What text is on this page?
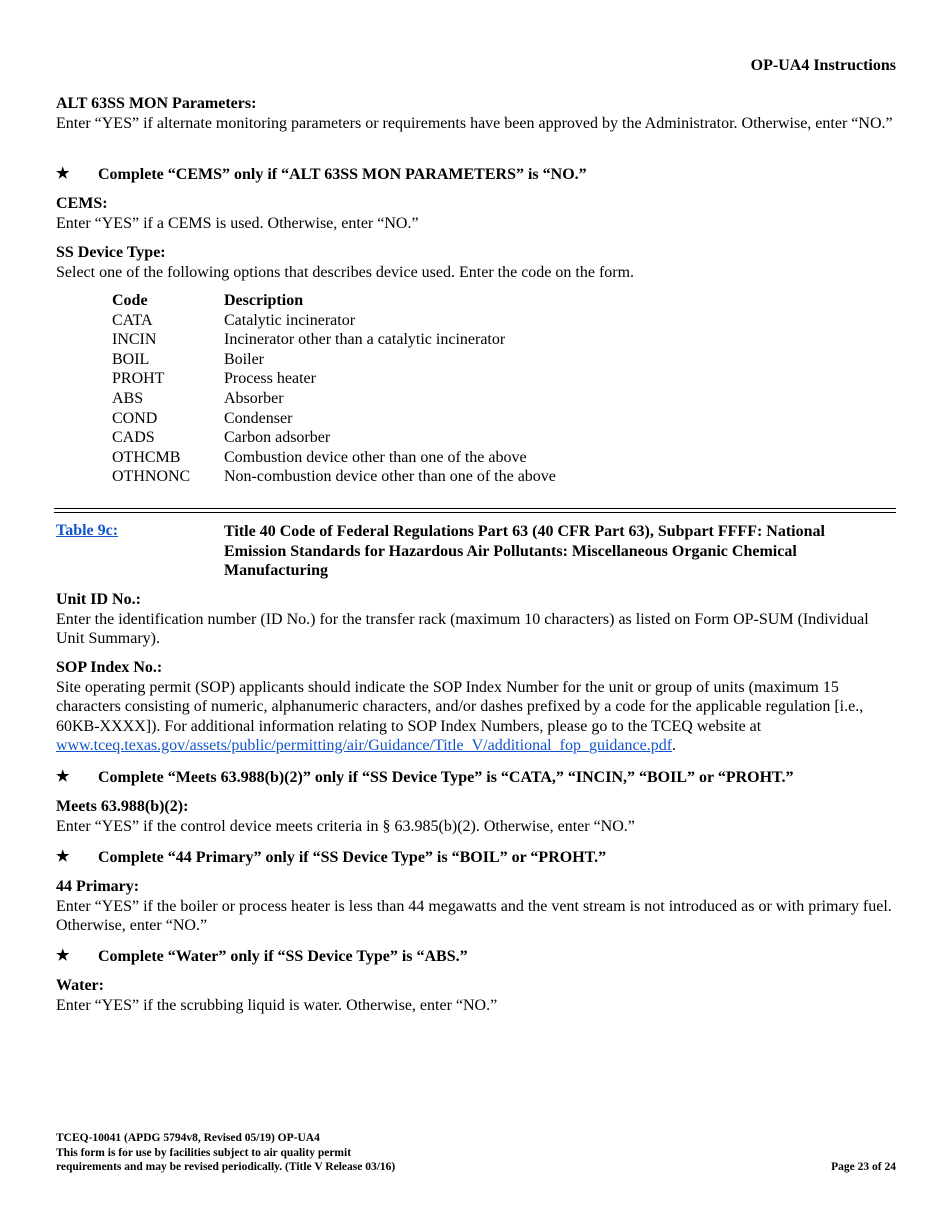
OP-UA4 Instructions
ALT 63SS MON Parameters:
Enter “YES” if alternate monitoring parameters or requirements have been approved by the Administrator. Otherwise, enter “NO.”
★ Complete “CEMS” only if “ALT 63SS MON PARAMETERS” is “NO.”
CEMS:
Enter “YES” if a CEMS is used. Otherwise, enter “NO.”
SS Device Type:
Select one of the following options that describes device used. Enter the code on the form.
Code	Description
CATA	Catalytic incinerator
INCIN	Incinerator other than a catalytic incinerator
BOIL	Boiler
PROHT	Process heater
ABS	Absorber
COND	Condenser
CADS	Carbon adsorber
OTHCMB	Combustion device other than one of the above
OTHNONC	Non-combustion device other than one of the above
Table 9c:	Title 40 Code of Federal Regulations Part 63 (40 CFR Part 63), Subpart FFFF: National Emission Standards for Hazardous Air Pollutants: Miscellaneous Organic Chemical Manufacturing
Unit ID No.:
Enter the identification number (ID No.) for the transfer rack (maximum 10 characters) as listed on Form OP-SUM (Individual Unit Summary).
SOP Index No.:
Site operating permit (SOP) applicants should indicate the SOP Index Number for the unit or group of units (maximum 15 characters consisting of numeric, alphanumeric characters, and/or dashes prefixed by a code for the applicable regulation [i.e., 60KB-XXXX]). For additional information relating to SOP Index Numbers, please go to the TCEQ website at www.tceq.texas.gov/assets/public/permitting/air/Guidance/Title_V/additional_fop_guidance.pdf.
★ Complete “Meets 63.988(b)(2)” only if “SS Device Type” is “CATA,” “INCIN,” “BOIL” or “PROHT.”
Meets 63.988(b)(2):
Enter “YES” if the control device meets criteria in § 63.985(b)(2). Otherwise, enter “NO.”
★ Complete “44 Primary” only if “SS Device Type” is “BOIL” or “PROHT.”
44 Primary:
Enter “YES” if the boiler or process heater is less than 44 megawatts and the vent stream is not introduced as or with primary fuel. Otherwise, enter “NO.”
★ Complete “Water” only if “SS Device Type” is “ABS.”
Water:
Enter “YES” if the scrubbing liquid is water. Otherwise, enter “NO.”
TCEQ-10041 (APDG 5794v8, Revised 05/19) OP-UA4
This form is for use by facilities subject to air quality permit
requirements and may be revised periodically. (Title V Release 03/16)	Page 23 of 24
